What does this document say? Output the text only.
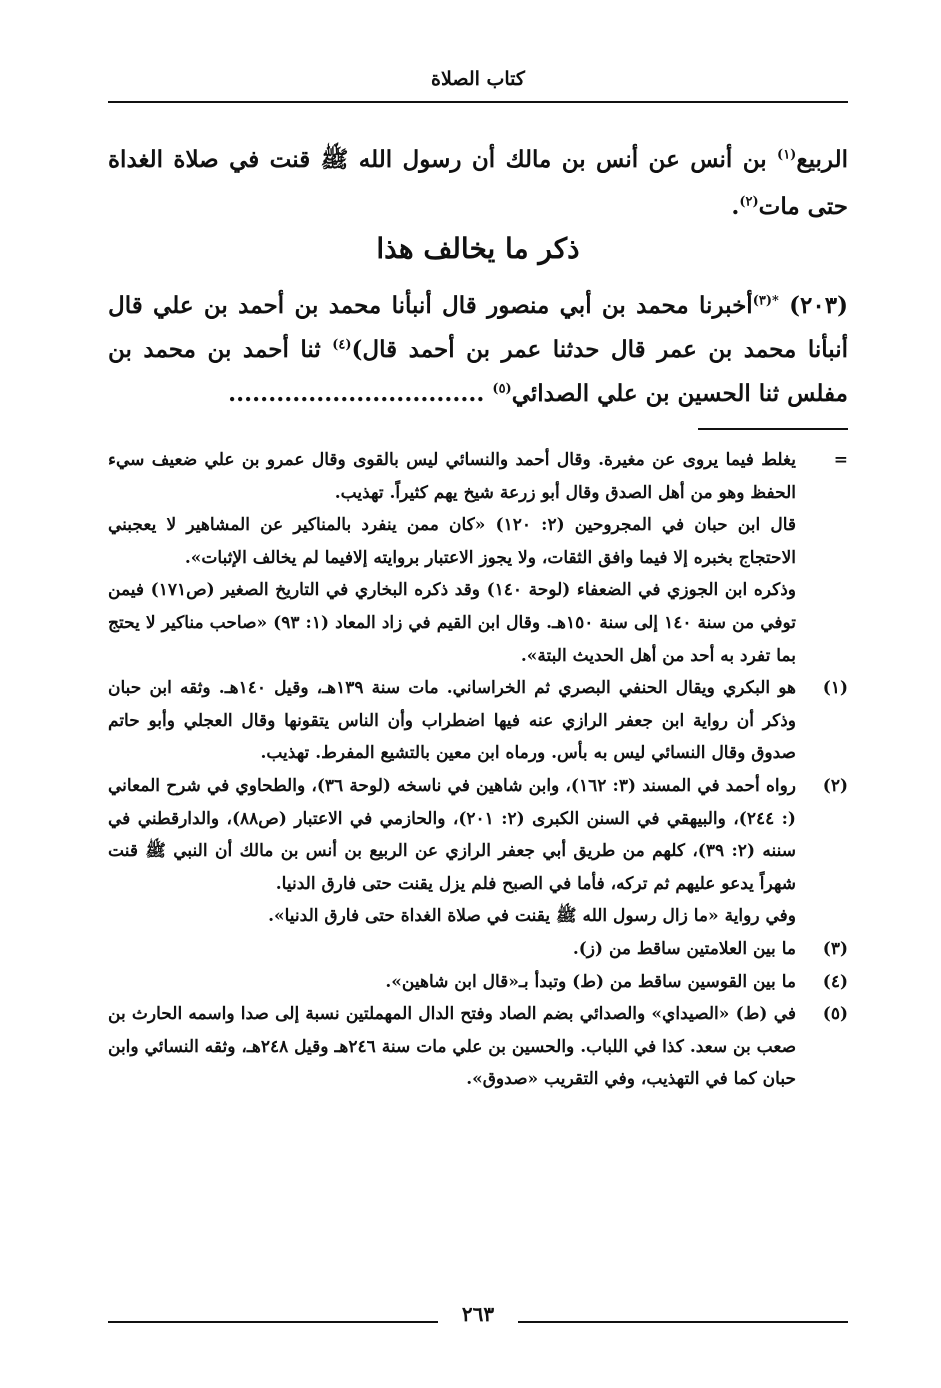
كتاب الصلاة

الربيع$^{(١)}$ بن أنس عن أنس بن مالك أن رسول الله ﷺ قنت في صلاة الغداة حتى مات$^{(٢)}$.

ذكر ما يخالف هذا

(٢٠٣) $^{*(٣)}$أخبرنا محمد بن أبي منصور قال أنبأنا محمد بن أحمد بن علي قال أنبأنا محمد بن عمر قال حدثنا عمر بن أحمد قال)$^{(٤)}$ ثنا أحمد بن محمد بن مفلس ثنا الحسين بن علي الصدائي$^{(٥)}$ ................................

=

يغلط فيما يروى عن مغيرة. وقال أحمد والنسائي ليس بالقوى وقال عمرو بن علي ضعيف سيء الحفظ وهو من أهل الصدق وقال أبو زرعة شيخ يهم كثيراً. تهذيب.

قال ابن حبان في المجروحين (٢: ١٢٠) «كان ممن ينفرد بالمناكير عن المشاهير لا يعجبني الاحتجاج بخبره إلا فيما وافق الثقات، ولا يجوز الاعتبار بروايته إلافيما لم يخالف الإثبات».

وذكره ابن الجوزي في الضعفاء (لوحة ١٤٠) وقد ذكره البخاري في التاريخ الصغير (ص١٧١) فيمن توفي من سنة ١٤٠ إلى سنة ١٥٠هـ. وقال ابن القيم في زاد المعاد (١: ٩٣) «صاحب مناكير لا يحتج بما تفرد به أحد من أهل الحديث البتة».

(١)

هو البكري ويقال الحنفي البصري ثم الخراساني. مات سنة ١٣٩هـ، وقيل ١٤٠هـ. وثقه ابن حبان وذكر أن رواية ابن جعفر الرازي عنه فيها اضطراب وأن الناس يتقونها وقال العجلي وأبو حاتم صدوق وقال النسائي ليس به بأس. ورماه ابن معين بالتشيع المفرط. تهذيب.

(٢)

رواه أحمد في المسند (٣: ١٦٢)، وابن شاهين في ناسخه (لوحة ٣٦)، والطحاوي في شرح المعاني (: ٢٤٤)، والبيهقي في السنن الكبرى (٢: ٢٠١)، والحازمي في الاعتبار (ص٨٨)، والدارقطني في سننه (٢: ٣٩)، كلهم من طريق أبي جعفر الرازي عن الربيع بن أنس بن مالك أن النبي ﷺ قنت شهراً يدعو عليهم ثم تركه، فأما في الصبح فلم يزل يقنت حتى فارق الدنيا.

وفي رواية «ما زال رسول الله ﷺ يقنت في صلاة الغداة حتى فارق الدنيا».

(٣)

ما بين العلامتين ساقط من (ز).

(٤)

ما بين القوسين ساقط من (ط) وتبدأ بـ«قال ابن شاهين».

(٥)

في (ط) «الصيداي» والصدائي بضم الصاد وفتح الدال المهملتين نسبة إلى صدا واسمه الحارث بن صعب بن سعد. كذا في اللباب. والحسين بن علي مات سنة ٢٤٦هـ وقيل ٢٤٨هـ، وثقه النسائي وابن حبان كما في التهذيب، وفي التقريب «صدوق».

٢٦٣
